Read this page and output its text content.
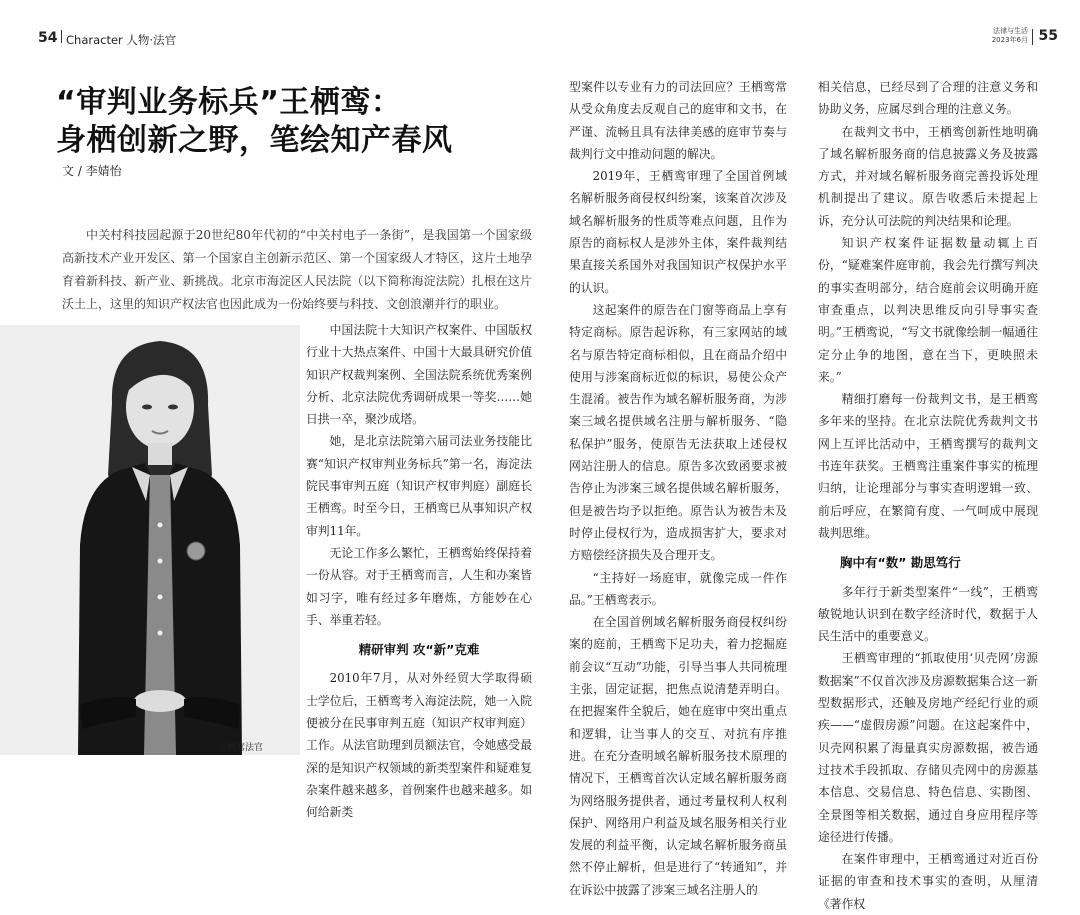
54 Character 人物·法官
法律与生活
2023年6月 55
“审判业务标兵”王栖鸾：
身栖创新之野，笔绘知产春风
文 / 李婧怡

中关村科技园起源于20世纪80年代初的“中关村电子一条街”，是我国第一个国家级高新技术产业开发区、第一个国家自主创新示范区、第一个国家级人才特区，这片土地孕育着新科技、新产业、新挑战。北京市海淀区人民法院（以下简称海淀法院）扎根在这片沃土上，这里的知识产权法官也因此成为一份始终要与科技、文创浪潮并行的职业。

王栖鸾法官

中国法院十大知识产权案件、中国版权行业十大热点案件、中国十大最具研究价值知识产权裁判案例、全国法院系统优秀案例分析、北京法院优秀调研成果一等奖……她日拱一卒，聚沙成塔。

她，是北京法院第六届司法业务技能比赛“知识产权审判业务标兵”第一名，海淀法院民事审判五庭（知识产权审判庭）副庭长王栖鸾。时至今日，王栖鸾已从事知识产权审判11年。

无论工作多么繁忙，王栖鸾始终保持着一份从容。对于王栖鸾而言，人生和办案皆如习字，唯有经过多年磨炼，方能妙在心手、举重若轻。

精研审判 攻“新”克难

2010年7月，从对外经贸大学取得硕士学位后，王栖鸾考入海淀法院，她一入院便被分在民事审判五庭（知识产权审判庭）工作。从法官助理到员额法官，令她感受最深的是知识产权领域的新类型案件和疑难复杂案件越来越多，首例案件也越来越多。如何给新类

型案件以专业有力的司法回应？王栖鸾常从受众角度去反观自己的庭审和文书，在严谨、流畅且具有法律美感的庭审节奏与裁判行文中推动问题的解决。

2019年，王栖鸾审理了全国首例域名解析服务商侵权纠纷案，该案首次涉及域名解析服务的性质等难点问题，且作为原告的商标权人是涉外主体，案件裁判结果直接关系国外对我国知识产权保护水平的认识。

这起案件的原告在门窗等商品上享有特定商标。原告起诉称，有三家网站的域名与原告特定商标相似，且在商品介绍中使用与涉案商标近似的标识，易使公众产生混淆。被告作为域名解析服务商，为涉案三域名提供域名注册与解析服务、“隐私保护”服务，使原告无法获取上述侵权网站注册人的信息。原告多次致函要求被告停止为涉案三域名提供域名解析服务，但是被告均予以拒绝。原告认为被告未及时停止侵权行为，造成损害扩大，要求对方赔偿经济损失及合理开支。

“主持好一场庭审，就像完成一件作品。”王栖鸾表示。

在全国首例域名解析服务商侵权纠纷案的庭前，王栖鸾下足功夫，着力挖掘庭前会议“互动”功能，引导当事人共同梳理主张，固定证据，把焦点说清楚弄明白。在把握案件全貌后，她在庭审中突出重点和逻辑，让当事人的交互、对抗有序推进。在充分查明域名解析服务技术原理的情况下，王栖鸾首次认定域名解析服务商为网络服务提供者，通过考量权利人权利保护、网络用户利益及域名服务相关行业发展的利益平衡，认定域名解析服务商虽然不停止解析，但是进行了“转通知”，并在诉讼中披露了涉案三域名注册人的

相关信息，已经尽到了合理的注意义务和协助义务，应属尽到合理的注意义务。

在裁判文书中，王栖鸾创新性地明确了域名解析服务商的信息披露义务及披露方式，并对域名解析服务商完善投诉处理机制提出了建议。原告收悉后未提起上诉，充分认可法院的判决结果和论理。

知识产权案件证据数量动辄上百份，“疑难案件庭审前，我会先行撰写判决的事实查明部分，结合庭前会议明确开庭审查重点，以判决思维反向引导事实查明。”王栖鸾说，“写文书就像绘制一幅通往定分止争的地图，意在当下，更映照未来。”

精细打磨每一份裁判文书，是王栖鸾多年来的坚持。在北京法院优秀裁判文书网上互评比活动中，王栖鸾撰写的裁判文书连年获奖。王栖鸾注重案件事实的梳理归纳，让论理部分与事实查明逻辑一致、前后呼应，在繁简有度、一气呵成中展现裁判思维。

胸中有“数” 勘思笃行

多年行于新类型案件“一线”，王栖鸾敏锐地认识到在数字经济时代，数据于人民生活中的重要意义。

王栖鸾审理的“抓取使用‘贝壳网’房源数据案”不仅首次涉及房源数据集合这一新型数据形式，还触及房地产经纪行业的顽疾——“虚假房源”问题。在这起案件中，贝壳网积累了海量真实房源数据，被告通过技术手段抓取、存储贝壳网中的房源基本信息、交易信息、特色信息、实勘图、全景图等相关数据，通过自身应用程序等途径进行传播。

在案件审理中，王栖鸾通过对近百份证据的审查和技术事实的查明，从厘清《著作权
